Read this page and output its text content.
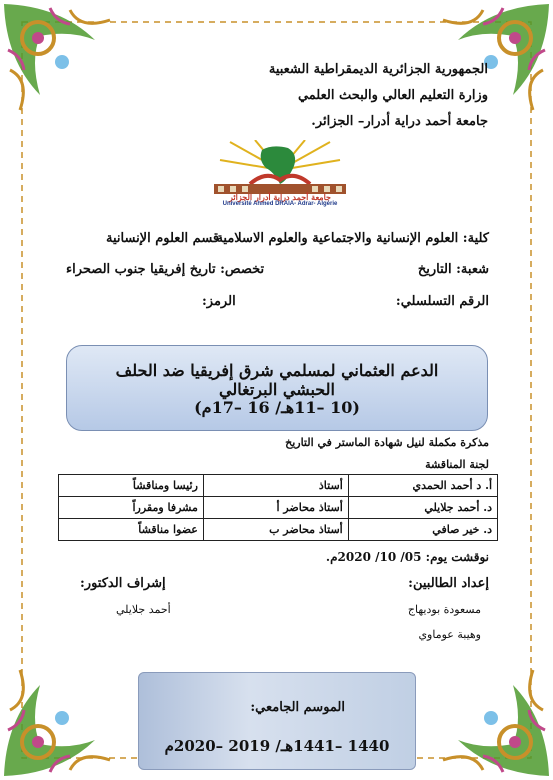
الجمهورية الجزائرية الديمقراطية الشعبية
وزارة التعليم العالي والبحث العلمي
جامعة أحمد دراية أدرار– الجزائر.
جامعة أحمد دراية أدرار الجزائر
Université Ahmed DRAIA- Adrar- Algérie
كلية: العلوم الإنسانية والاجتماعية والعلوم الاسلامية
قسم العلوم الإنسانية
شعبة: التاريخ
تخصص: تاريخ إفريقيا جنوب الصحراء
الرقم التسلسلي:
الرمز:
الدعم العثماني لمسلمي شرق إفريقيا ضد الحلف الحبشي البرتغالي
(10 –11هـ/ 16 –17م)
مذكرة مكملة لنيل شهادة الماستر في التاريخ
لجنة المناقشة
أ. د أحمد الحمدي	أستاذ	رئيسا ومناقشاً
د. أحمد جلايلي	أستاذ محاضر أ	مشرفا ومقرراً
د. خير صافي	أستاذ محاضر ب	عضوا مناقشاً
نوقشت يوم: 05/ 10/ 2020م.
إعداد الطالبين:
مسعودة بوديهاج
وهيبة عوماوي
إشراف الدكتور:
أحمد جلايلي
الموسم الجامعي:
1440 –1441هـ/ 2019 –2020م
